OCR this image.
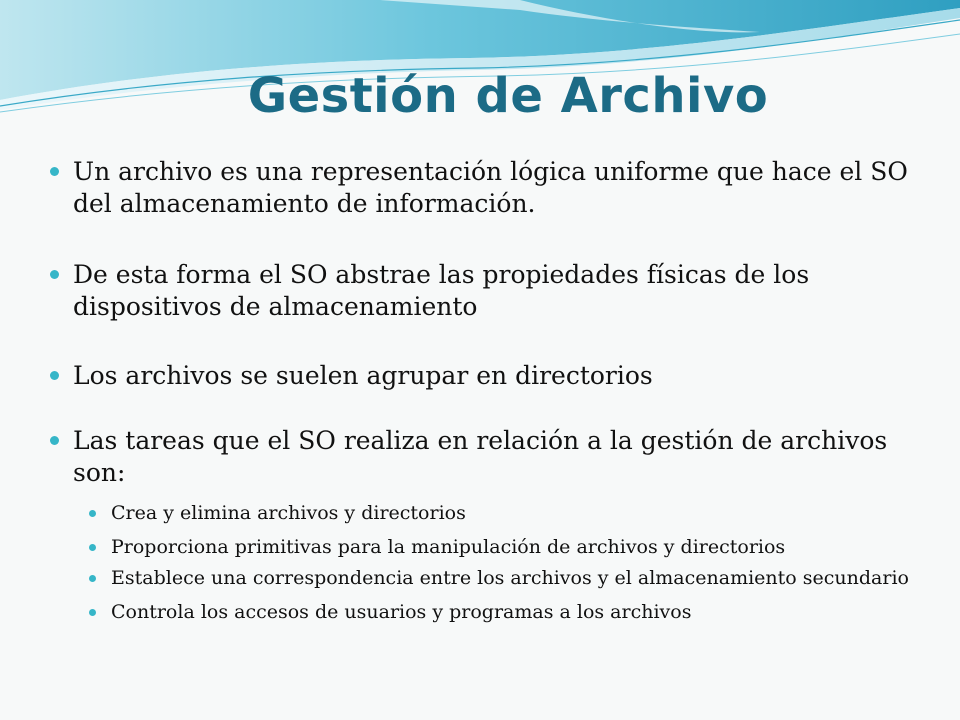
Gestión de Archivo

Un archivo es una representación lógica uniforme que hace el SO del almacenamiento de información.

De esta forma el SO abstrae las propiedades físicas de los dispositivos de almacenamiento

Los archivos se suelen agrupar en directorios

Las tareas que el SO realiza en relación a la gestión de archivos son:

Crea y elimina archivos y directorios

Proporciona primitivas para la manipulación de archivos y directorios

Establece una correspondencia entre los archivos y el almacenamiento secundario

Controla los accesos de usuarios y programas a los archivos
